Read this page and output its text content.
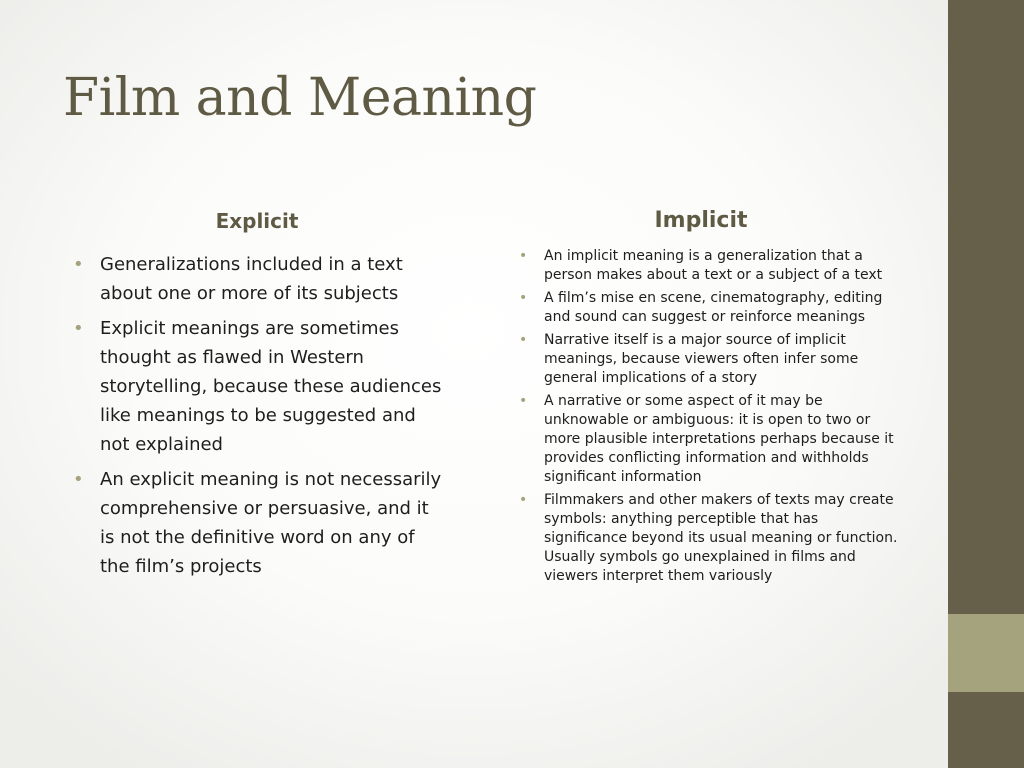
Film and Meaning
Explicit
• Generalizations included in a text about one or more of its subjects
• Explicit meanings are sometimes thought as flawed in Western storytelling, because these audiences like meanings to be suggested and not explained
• An explicit meaning is not necessarily comprehensive or persuasive, and it is not the definitive word on any of the film’s projects
Implicit
• An implicit meaning is a generalization that a person makes about a text or a subject of a text
• A film’s mise en scene, cinematography, editing and sound can suggest or reinforce meanings
• Narrative itself is a major source of implicit meanings, because viewers often infer some general implications of a story
• A narrative or some aspect of it may be unknowable or ambiguous: it is open to two or more plausible interpretations perhaps because it provides conflicting information and withholds significant information
• Filmmakers and other makers of texts may create symbols: anything perceptible that has significance beyond its usual meaning or function. Usually symbols go unexplained in films and viewers interpret them variously
